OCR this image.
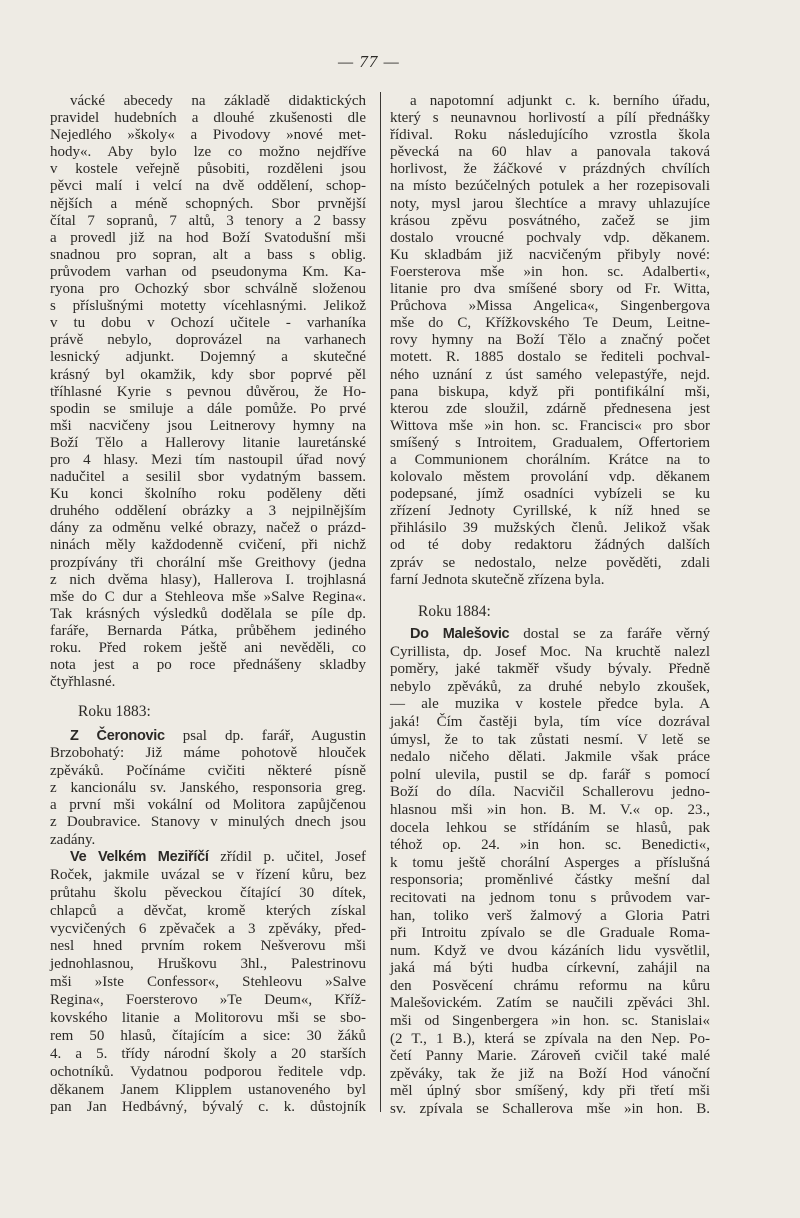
— 77 —
vácké abecedy na základě didaktických
pravidel hudebních a dlouhé zkušenosti dle
Nejedlého »školy« a Pivodovy »nové met-
hody«. Aby bylo lze co možno nejdříve
v kostele veřejně působiti, rozděleni jsou
pěvci malí i velcí na dvě oddělení, schop-
nějších a méně schopných. Sbor prvnější
čítal 7 sopranů, 7 altů, 3 tenory a 2 bassy
a provedl již na hod Boží Svatodušní mši
snadnou pro sopran, alt a bass s oblig.
průvodem varhan od pseudonyma Km. Ka-
ryona pro Ochozký sbor schválně složenou
s příslušnými motetty vícehlasnými. Jelikož
v tu dobu v Ochozí učitele - varhaníka
právě nebylo, doprovázel na varhanech
lesnický adjunkt. Dojemný a skutečné
krásný byl okamžik, kdy sbor poprvé pěl
tříhlasné Kyrie s pevnou důvěrou, že Ho-
spodin se smiluje a dále pomůže. Po prvé
mši nacvičeny jsou Leitnerovy hymny na
Boží Tělo a Hallerovy litanie lauretánské
pro 4 hlasy. Mezi tím nastoupil úřad nový
nadučitel a sesilil sbor vydatným bassem.
Ku konci školního roku poděleny děti
druhého oddělení obrázky a 3 nejpilnějším
dány za odměnu velké obrazy, načež o prázd-
ninách měly každodenně cvičení, při nichž
prozpívány tři chorální mše Greithovy (jedna
z nich dvěma hlasy), Hallerova I. trojhlasná
mše do C dur a Stehleova mše »Salve Regina«.
Tak krásných výsledků dodělala se píle dp.
faráře, Bernarda Pátka, průběhem jediného
roku. Před rokem ještě ani nevěděli, co
nota jest a po roce přednášeny skladby
čtyřhlasné.
Roku 1883:
Z Čeronovic psal dp. farář, Augustin
Brzobohatý: Již máme pohotově hlouček
zpěváků. Počínáme cvičiti některé písně
z kancionálu sv. Janského, responsoria greg.
a první mši vokální od Molitora zapůjčenou
z Doubravice. Stanovy v minulých dnech jsou
zadány.
Ve Velkém Meziříčí zřídil p. učitel, Josef
Roček, jakmile uvázal se v řízení kůru, bez
průtahu školu pěveckou čítající 30 dítek,
chlapců a děvčat, kromě kterých získal
vycvičených 6 zpěvaček a 3 zpěváky, před-
nesl hned prvním rokem Nešverovu mši
jednohlasnou, Hruškovu 3hl., Palestrinovu
mši »Iste Confessor«, Stehleovu »Salve
Regina«, Foersterovo »Te Deum«, Kříž-
kovského litanie a Molitorovu mši se sbo-
rem 50 hlasů, čítajícím a sice: 30 žáků
4. a 5. třídy národní školy a 20 starších
ochotníků. Vydatnou podporou ředitele vdp.
děkanem Janem Klipplem ustanoveného byl
pan Jan Hedbávný, bývalý c. k. důstojník
a napotomní adjunkt c. k. berního úřadu,
který s neunavnou horlivostí a pílí přednášky
řídival. Roku následujícího vzrostla škola
pěvecká na 60 hlav a panovala taková
horlivost, že žáčkové v prázdných chvílích
na místo bezúčelných potulek a her rozepisovali
noty, mysl jarou šlechtíce a mravy uhlazujíce
krásou zpěvu posvátného, začež se jim
dostalo vroucné pochvaly vdp. děkanem.
Ku skladbám již nacvičeným přibyly nové:
Foersterova mše »in hon. sc. Adalberti«,
litanie pro dva smíšené sbory od Fr. Witta,
Průchova »Missa Angelica«, Singenbergova
mše do C, Křížkovského Te Deum, Leitne-
rovy hymny na Boží Tělo a značný počet
motett. R. 1885 dostalo se řediteli pochval-
ného uznání z úst samého velepastýře, nejd.
pana biskupa, když při pontifikální mši,
kterou zde sloužil, zdárně přednesena jest
Wittova mše »in hon. sc. Francisci« pro sbor
smíšený s Introitem, Gradualem, Offertoriem
a Communionem chorálním. Krátce na to
kolovalo městem provolání vdp. děkanem
podepsané, jímž osadníci vybízeli se ku
zřízení Jednoty Cyrillské, k níž hned se
přihlásilo 39 mužských členů. Jelikož však
od té doby redaktoru žádných dalších
zpráv se nedostalo, nelze pověděti, zdali
farní Jednota skutečně zřízena byla.
Roku 1884:
Do Malešovic dostal se za faráře věrný
Cyrillista, dp. Josef Moc. Na kruchtě nalezl
poměry, jaké takměř všudy bývaly. Předně
nebylo zpěváků, za druhé nebylo zkoušek,
— ale muzika v kostele předce byla. A
jaká! Čím častěji byla, tím více dozrával
úmysl, že to tak zůstati nesmí. V letě se
nedalo ničeho dělati. Jakmile však práce
polní ulevila, pustil se dp. farář s pomocí
Boží do díla. Nacvičil Schallerovu jedno-
hlasnou mši »in hon. B. M. V.« op. 23.,
docela lehkou se střídáním se hlasů, pak
téhož op. 24. »in hon. sc. Benedicti«,
k tomu ještě chorální Asperges a příslušná
responsoria; proměnlivé částky mešní dal
recitovati na jednom tonu s průvodem var-
han, toliko verš žalmový a Gloria Patri
při Introitu zpívalo se dle Graduale Roma-
num. Když ve dvou kázáních lidu vysvětlil,
jaká má býti hudba církevní, zahájil na
den Posvěcení chrámu reformu na kůru
Malešovickém. Zatím se naučili zpěváci 3hl.
mši od Singenbergera »in hon. sc. Stanislai«
(2 T., 1 B.), která se zpívala na den Nep. Po-
četí Panny Marie. Zároveň cvičil také malé
zpěváky, tak že již na Boží Hod vánoční
měl úplný sbor smíšený, kdy při třetí mši
sv. zpívala se Schallerova mše »in hon. B.
